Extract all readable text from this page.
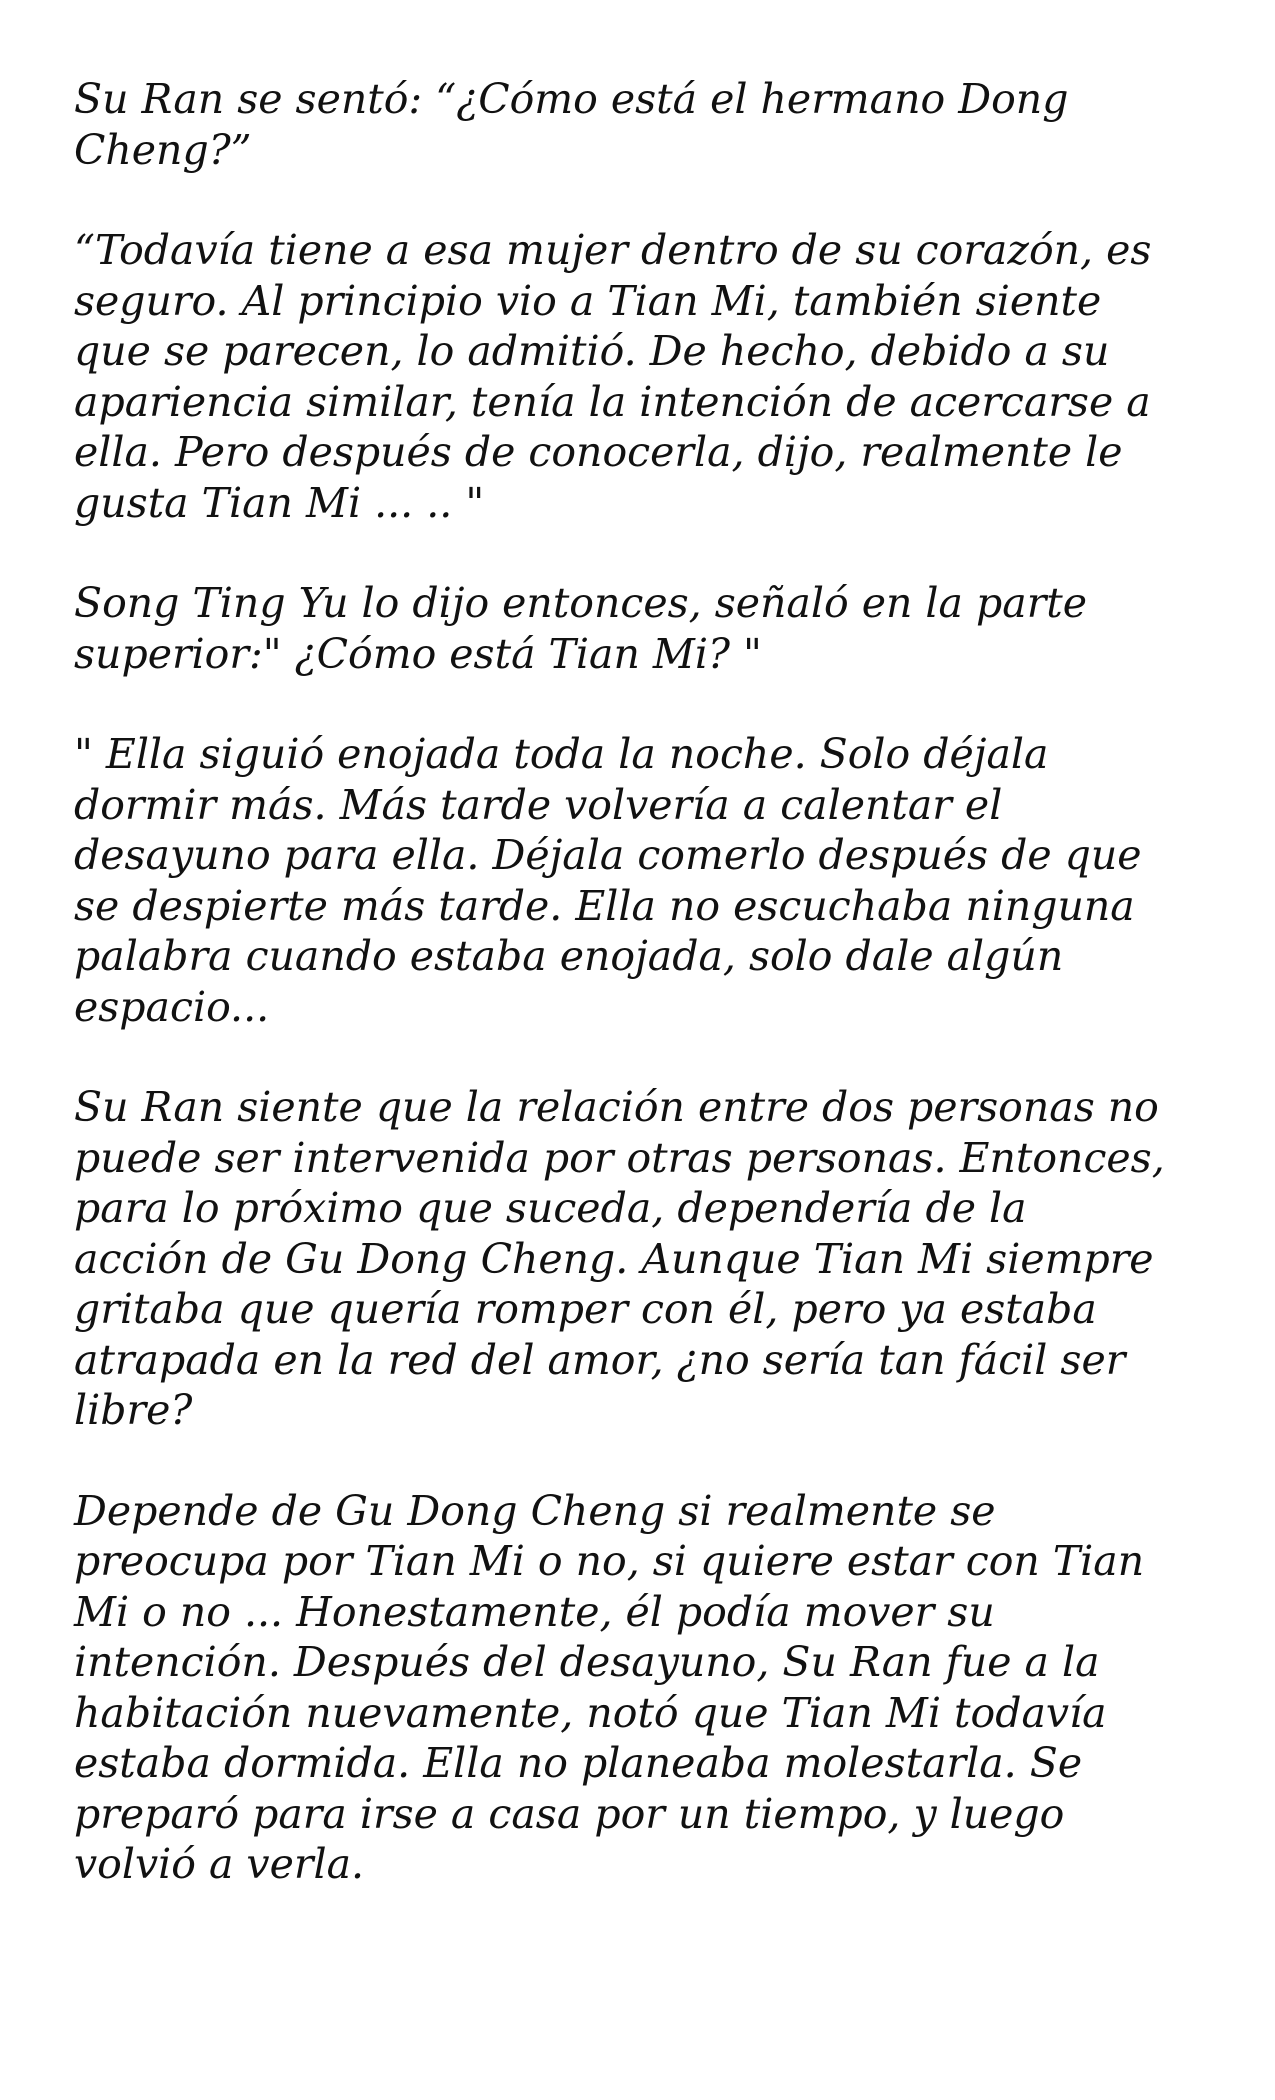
Su Ran se sentó: “¿Cómo está el hermano Dong
Cheng?”

“Todavía tiene a esa mujer dentro de su corazón, es
seguro. Al principio vio a Tian Mi, también siente
que se parecen, lo admitió. De hecho, debido a su
apariencia similar, tenía la intención de acercarse a
ella. Pero después de conocerla, dijo, realmente le
gusta Tian Mi ... .. "

Song Ting Yu lo dijo entonces, señaló en la parte
superior:" ¿Cómo está Tian Mi? "

" Ella siguió enojada toda la noche. Solo déjala
dormir más. Más tarde volvería a calentar el
desayuno para ella. Déjala comerlo después de que
se despierte más tarde. Ella no escuchaba ninguna
palabra cuando estaba enojada, solo dale algún
espacio...

Su Ran siente que la relación entre dos personas no
puede ser intervenida por otras personas. Entonces,
para lo próximo que suceda, dependería de la
acción de Gu Dong Cheng. Aunque Tian Mi siempre
gritaba que quería romper con él, pero ya estaba
atrapada en la red del amor, ¿no sería tan fácil ser
libre?

Depende de Gu Dong Cheng si realmente se
preocupa por Tian Mi o no, si quiere estar con Tian
Mi o no ... Honestamente, él podía mover su
intención. Después del desayuno, Su Ran fue a la
habitación nuevamente, notó que Tian Mi todavía
estaba dormida. Ella no planeaba molestarla. Se
preparó para irse a casa por un tiempo, y luego
volvió a verla.
